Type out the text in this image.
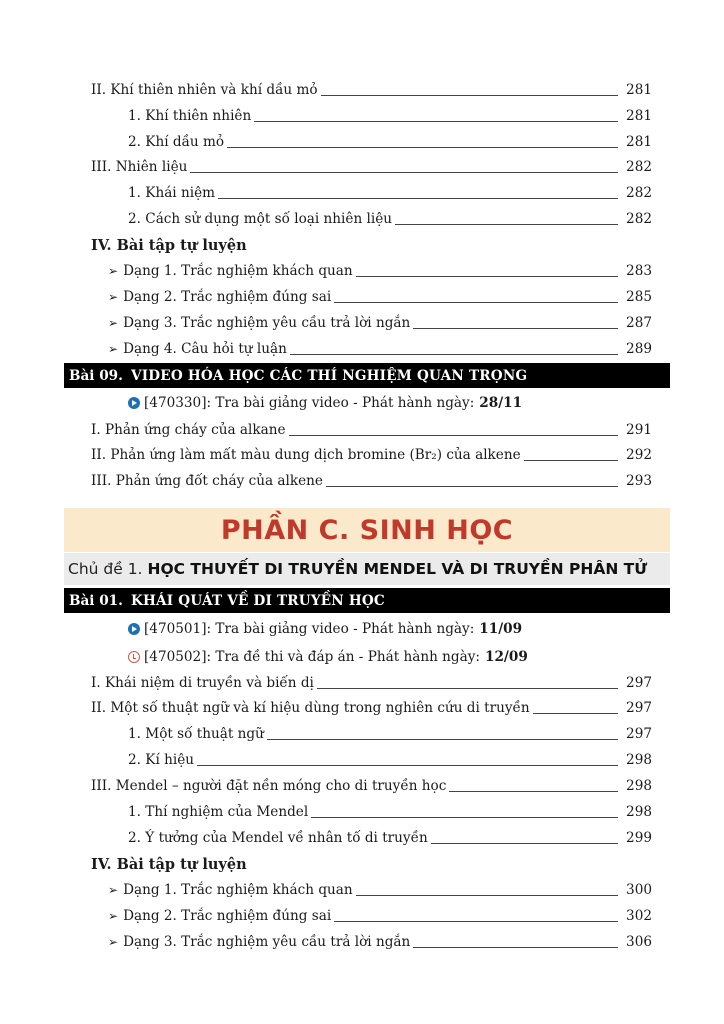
II. Khí thiên nhiên và khí dầu mỏ	281
1. Khí thiên nhiên	281
2. Khí dầu mỏ	281
III. Nhiên liệu	282
1. Khái niệm	282
2. Cách sử dụng một số loại nhiên liệu	282
IV. Bài tập tự luyện
➢ Dạng 1. Trắc nghiệm khách quan	283
➢ Dạng 2. Trắc nghiệm đúng sai	285
➢ Dạng 3. Trắc nghiệm yêu cầu trả lời ngắn	287
➢ Dạng 4. Câu hỏi tự luận	289
Bài 09. VIDEO HÓA HỌC CÁC THÍ NGHIỆM QUAN TRỌNG
[470330]: Tra bài giảng video - Phát hành ngày: 28/11
I. Phản ứng cháy của alkane	291
II. Phản ứng làm mất màu dung dịch bromine (Br₂) của alkene	292
III. Phản ứng đốt cháy của alkene	293
PHẦN C. SINH HỌC
Chủ đề 1. HỌC THUYẾT DI TRUYỀN MENDEL VÀ DI TRUYỀN PHÂN TỬ
Bài 01. KHÁI QUÁT VỀ DI TRUYỀN HỌC
[470501]: Tra bài giảng video - Phát hành ngày: 11/09
[470502]: Tra đề thi và đáp án - Phát hành ngày: 12/09
I. Khái niệm di truyền và biến dị	297
II. Một số thuật ngữ và kí hiệu dùng trong nghiên cứu di truyền	297
1. Một số thuật ngữ	297
2. Kí hiệu	298
III. Mendel – người đặt nền móng cho di truyền học	298
1. Thí nghiệm của Mendel	298
2. Ý tưởng của Mendel về nhân tố di truyền	299
IV. Bài tập tự luyện
➢ Dạng 1. Trắc nghiệm khách quan	300
➢ Dạng 2. Trắc nghiệm đúng sai	302
➢ Dạng 3. Trắc nghiệm yêu cầu trả lời ngắn	306
